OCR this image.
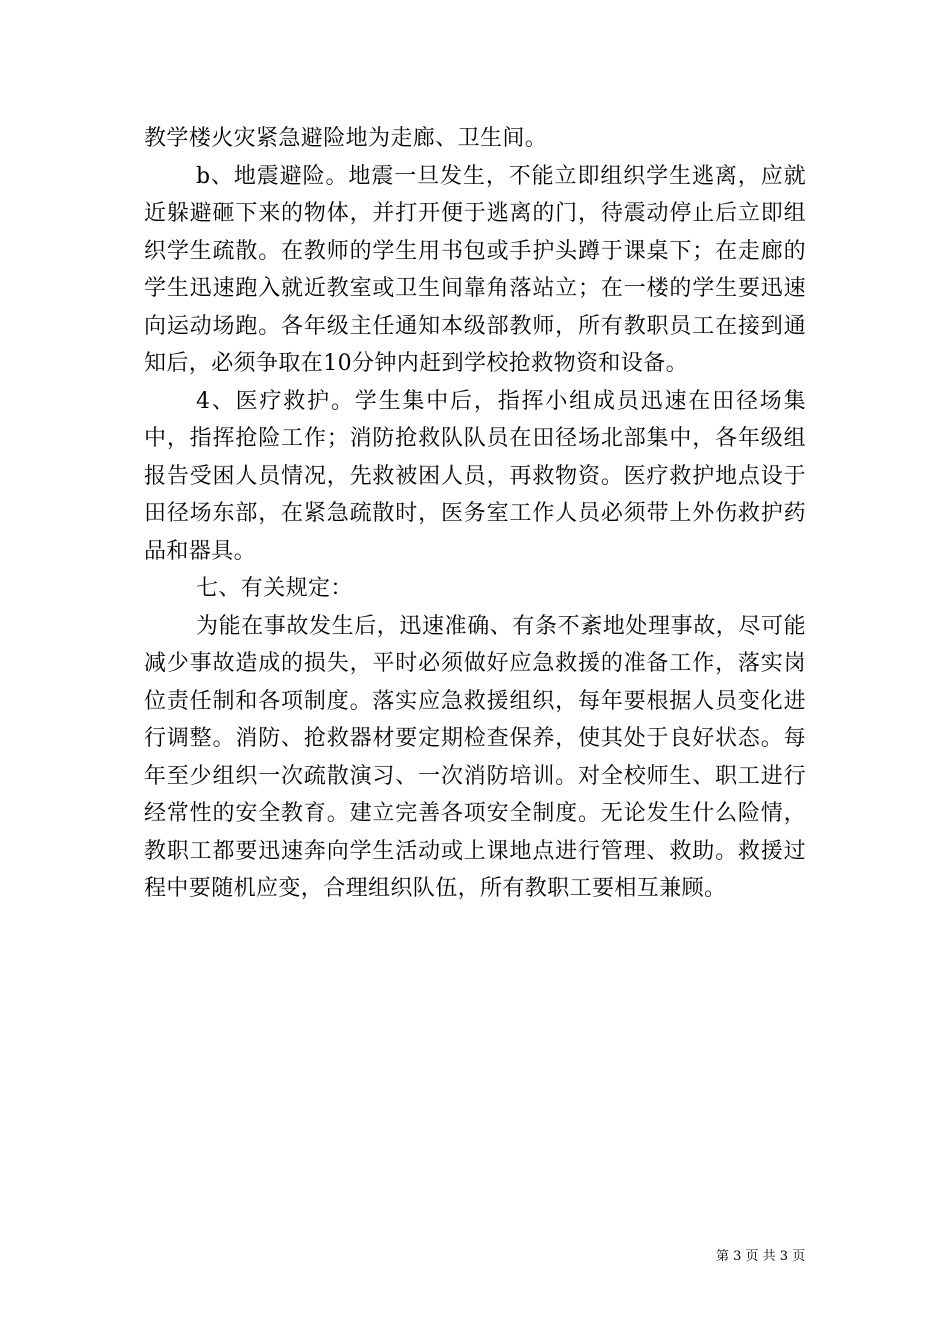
教学楼火灾紧急避险地为走廊、卫生间。

b、地震避险。地震一旦发生，不能立即组织学生逃离，应就近躲避砸下来的物体，并打开便于逃离的门，待震动停止后立即组织学生疏散。在教师的学生用书包或手护头蹲于课桌下；在走廊的学生迅速跑入就近教室或卫生间靠角落站立；在一楼的学生要迅速向运动场跑。各年级主任通知本级部教师，所有教职员工在接到通知后，必须争取在10分钟内赶到学校抢救物资和设备。

4、医疗救护。学生集中后，指挥小组成员迅速在田径场集中，指挥抢险工作；消防抢救队队员在田径场北部集中，各年级组报告受困人员情况，先救被困人员，再救物资。医疗救护地点设于田径场东部，在紧急疏散时，医务室工作人员必须带上外伤救护药品和器具。

七、有关规定：

为能在事故发生后，迅速准确、有条不紊地处理事故，尽可能减少事故造成的损失，平时必须做好应急救援的准备工作，落实岗位责任制和各项制度。落实应急救援组织，每年要根据人员变化进行调整。消防、抢救器材要定期检查保养，使其处于良好状态。每年至少组织一次疏散演习、一次消防培训。对全校师生、职工进行经常性的安全教育。建立完善各项安全制度。无论发生什么险情，教职工都要迅速奔向学生活动或上课地点进行管理、救助。救援过程中要随机应变，合理组织队伍，所有教职工要相互兼顾。

第 3 页 共 3 页
